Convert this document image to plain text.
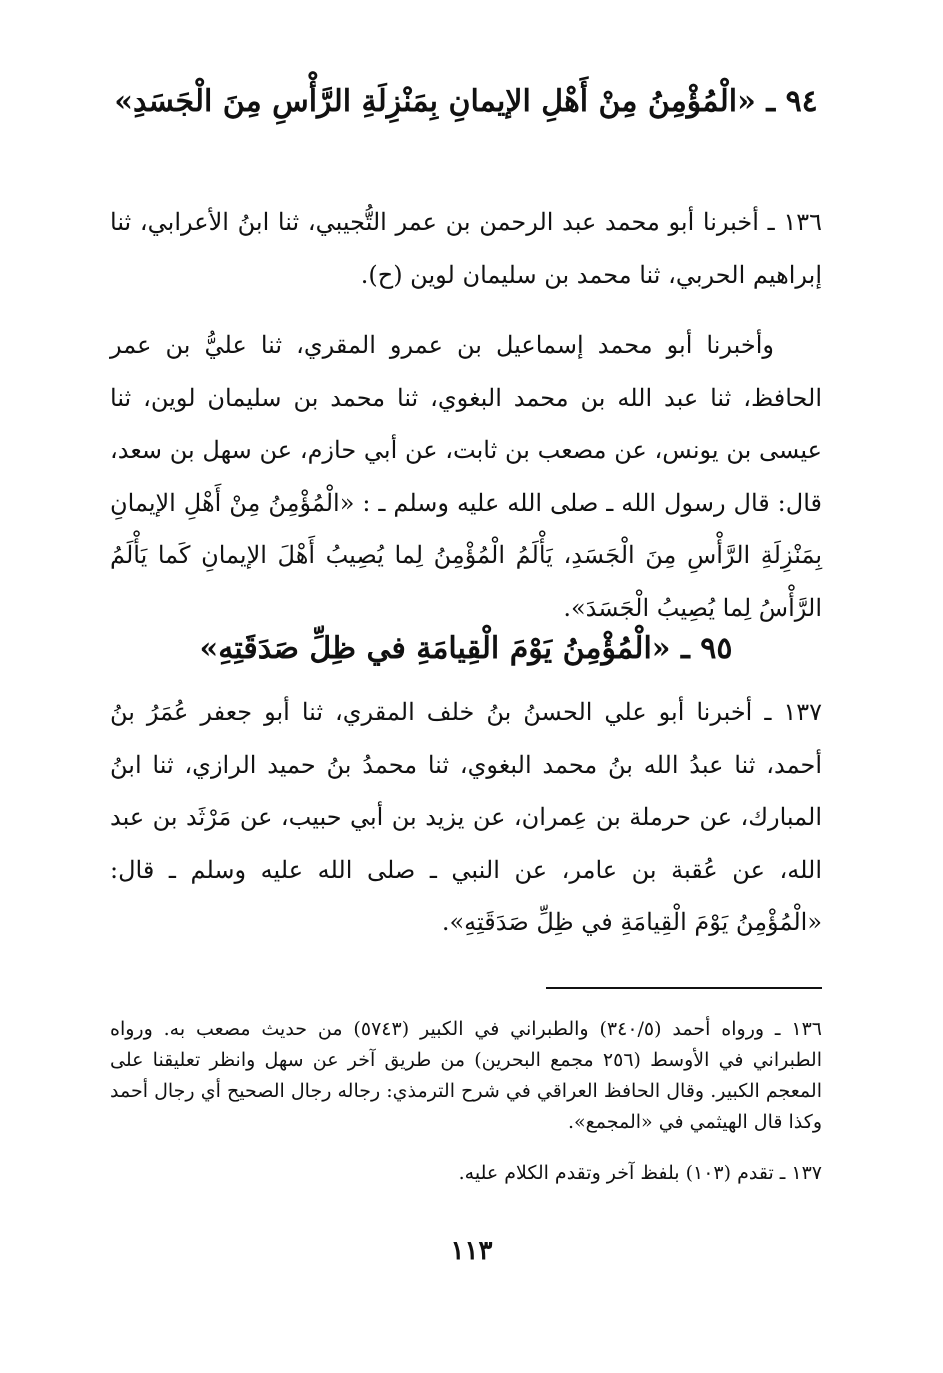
٩٤ ـ «الْمُؤْمِنُ مِنْ أَهْلِ الإيمانِ بِمَنْزِلَةِ الرَّأْسِ مِنَ الْجَسَدِ»

١٣٦ ـ أخبرنا أبو محمد عبد الرحمن بن عمر التُّجيبي، ثنا ابنُ الأعرابي، ثنا إبراهيم الحربي، ثنا محمد بن سليمان لوين (ح).

وأخبرنا أبو محمد إسماعيل بن عمرو المقري، ثنا عليُّ بن عمر الحافظ، ثنا عبد الله بن محمد البغوي، ثنا محمد بن سليمان لوين، ثنا عيسى بن يونس، عن مصعب بن ثابت، عن أبي حازم، عن سهل بن سعد، قال: قال رسول الله ـ صلى الله عليه وسلم ـ : «الْمُؤْمِنُ مِنْ أَهْلِ الإيمانِ بِمَنْزِلَةِ الرَّأْسِ مِنَ الْجَسَدِ، يَأْلَمُ الْمُؤْمِنُ لِما يُصِيبُ أَهْلَ الإيمانِ كَما يَأْلَمُ الرَّأْسُ لِما يُصِيبُ الْجَسَدَ».

٩٥ ـ «الْمُؤْمِنُ يَوْمَ الْقِيامَةِ في ظِلِّ صَدَقَتِهِ»

١٣٧ ـ أخبرنا أبو علي الحسنُ بنُ خلف المقري، ثنا أبو جعفر عُمَرُ بنُ أحمد، ثنا عبدُ الله بنُ محمد البغوي، ثنا محمدُ بنُ حميد الرازي، ثنا ابنُ المبارك، عن حرملة بن عِمران، عن يزيد بن أبي حبيب، عن مَرْثَد بن عبد الله، عن عُقبة بن عامر، عن النبي ـ صلى الله عليه وسلم ـ قال: «الْمُؤْمِنُ يَوْمَ الْقِيامَةِ في ظِلِّ صَدَقَتِهِ».

١٣٦ ـ ورواه أحمد (٣٤٠/٥) والطبراني في الكبير (٥٧٤٣) من حديث مصعب به. ورواه الطبراني في الأوسط (٢٥٦ مجمع البحرين) من طريق آخر عن سهل وانظر تعليقنا على المعجم الكبير. وقال الحافظ العراقي في شرح الترمذي: رجاله رجال الصحيح أي رجال أحمد وكذا قال الهيثمي في «المجمع».

١٣٧ ـ تقدم (١٠٣) بلفظ آخر وتقدم الكلام عليه.

١١٣
